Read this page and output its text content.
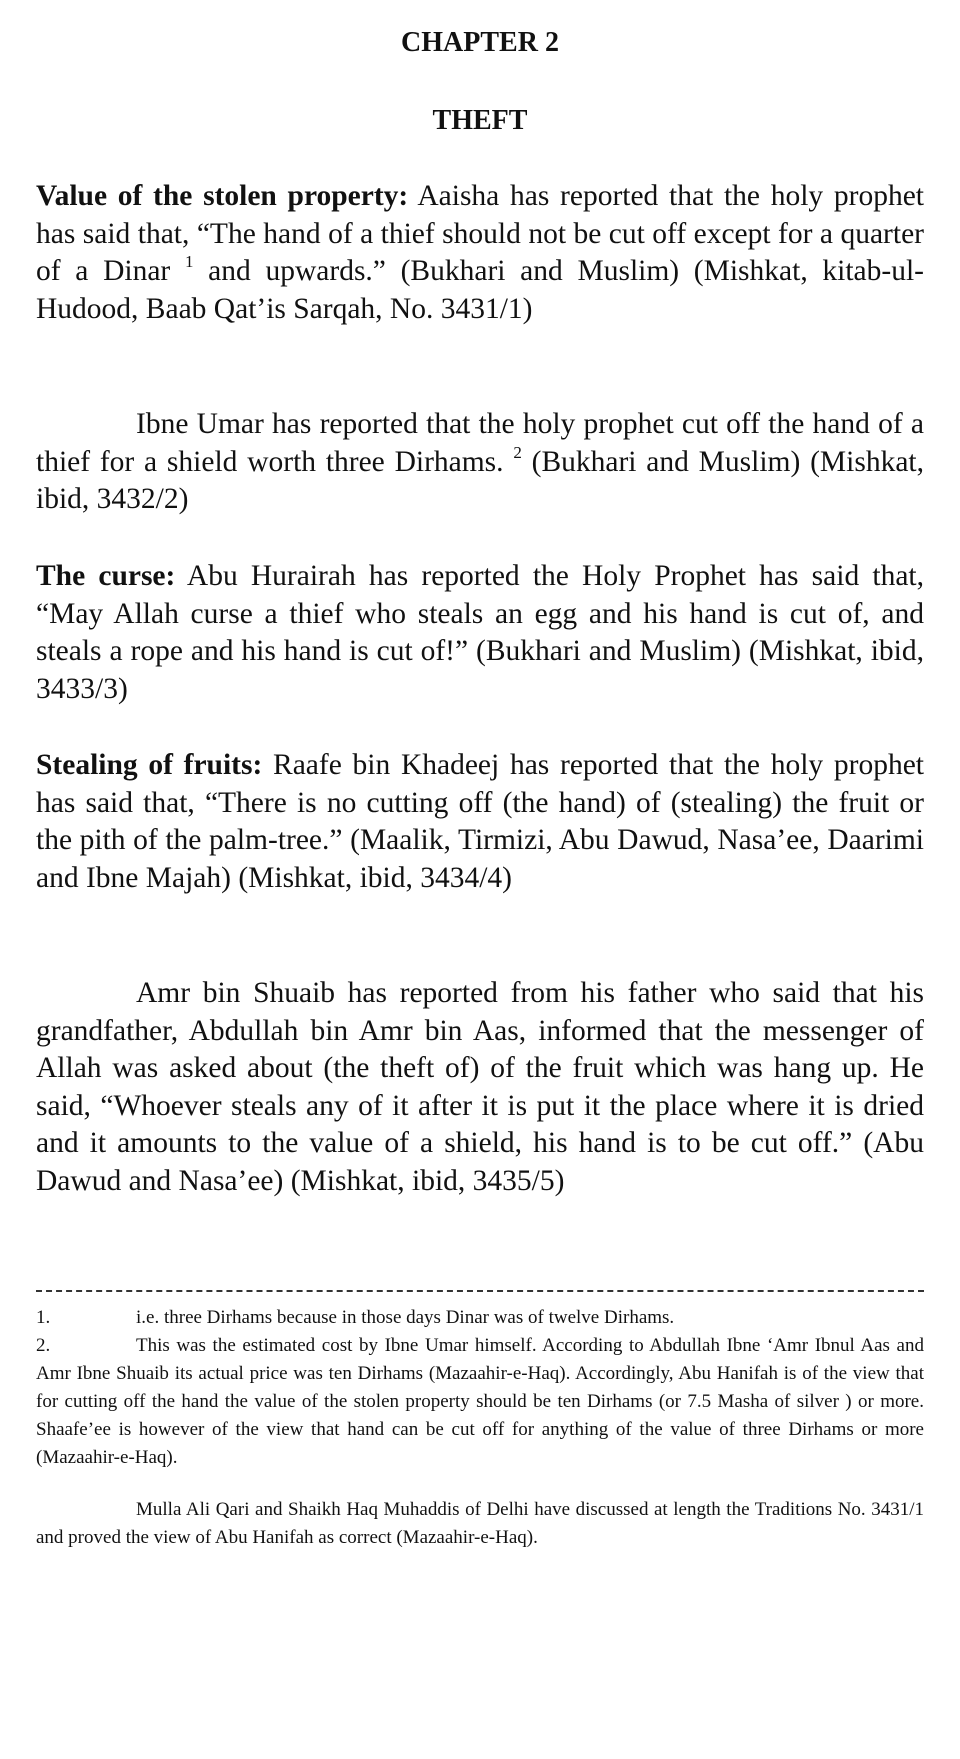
CHAPTER 2
THEFT

Value of the stolen property: Aaisha has reported that the holy prophet has said that, “The hand of a thief should not be cut off except for a quarter of a Dinar $^1$ and upwards.” (Bukhari and Muslim) (Mishkat, kitab-ul-Hudood, Baab Qat’is Sarqah, No. 3431/1)

Ibne Umar has reported that the holy prophet cut off the hand of a thief for a shield worth three Dirhams. $^2$ (Bukhari and Muslim) (Mishkat, ibid, 3432/2)

The curse: Abu Hurairah has reported the Holy Prophet has said that, “May Allah curse a thief who steals an egg and his hand is cut of, and steals a rope and his hand is cut of!” (Bukhari and Muslim) (Mishkat, ibid, 3433/3)

Stealing of fruits: Raafe bin Khadeej has reported that the holy prophet has said that, “There is no cutting off (the hand) of (stealing) the fruit or the pith of the palm-tree.” (Maalik, Tirmizi, Abu Dawud, Nasa’ee, Daarimi and Ibne Majah) (Mishkat, ibid, 3434/4)

Amr bin Shuaib has reported from his father who said that his grandfather, Abdullah bin Amr bin Aas, informed that the messenger of Allah was asked about (the theft of) of the fruit which was hang up. He said, “Whoever steals any of it after it is put it the place where it is dried and it amounts to the value of a shield, his hand is to be cut off.” (Abu Dawud and Nasa’ee) (Mishkat, ibid, 3435/5)

1.	i.e. three Dirhams because in those days Dinar was of twelve Dirhams.

2.	This was the estimated cost by Ibne Umar himself. According to Abdullah Ibne ‘Amr Ibnul Aas and Amr Ibne Shuaib its actual price was ten Dirhams (Mazaahir-e-Haq). Accordingly, Abu Hanifah is of the view that for cutting off the hand the value of the stolen property should be ten Dirhams (or 7.5 Masha of silver ) or more. Shaafe’ee is however of the view that hand can be cut off for anything of the value of three Dirhams or more (Mazaahir-e-Haq).

Mulla Ali Qari and Shaikh Haq Muhaddis of Delhi have discussed at length the Traditions No. 3431/1 and proved the view of Abu Hanifah as correct (Mazaahir-e-Haq).
